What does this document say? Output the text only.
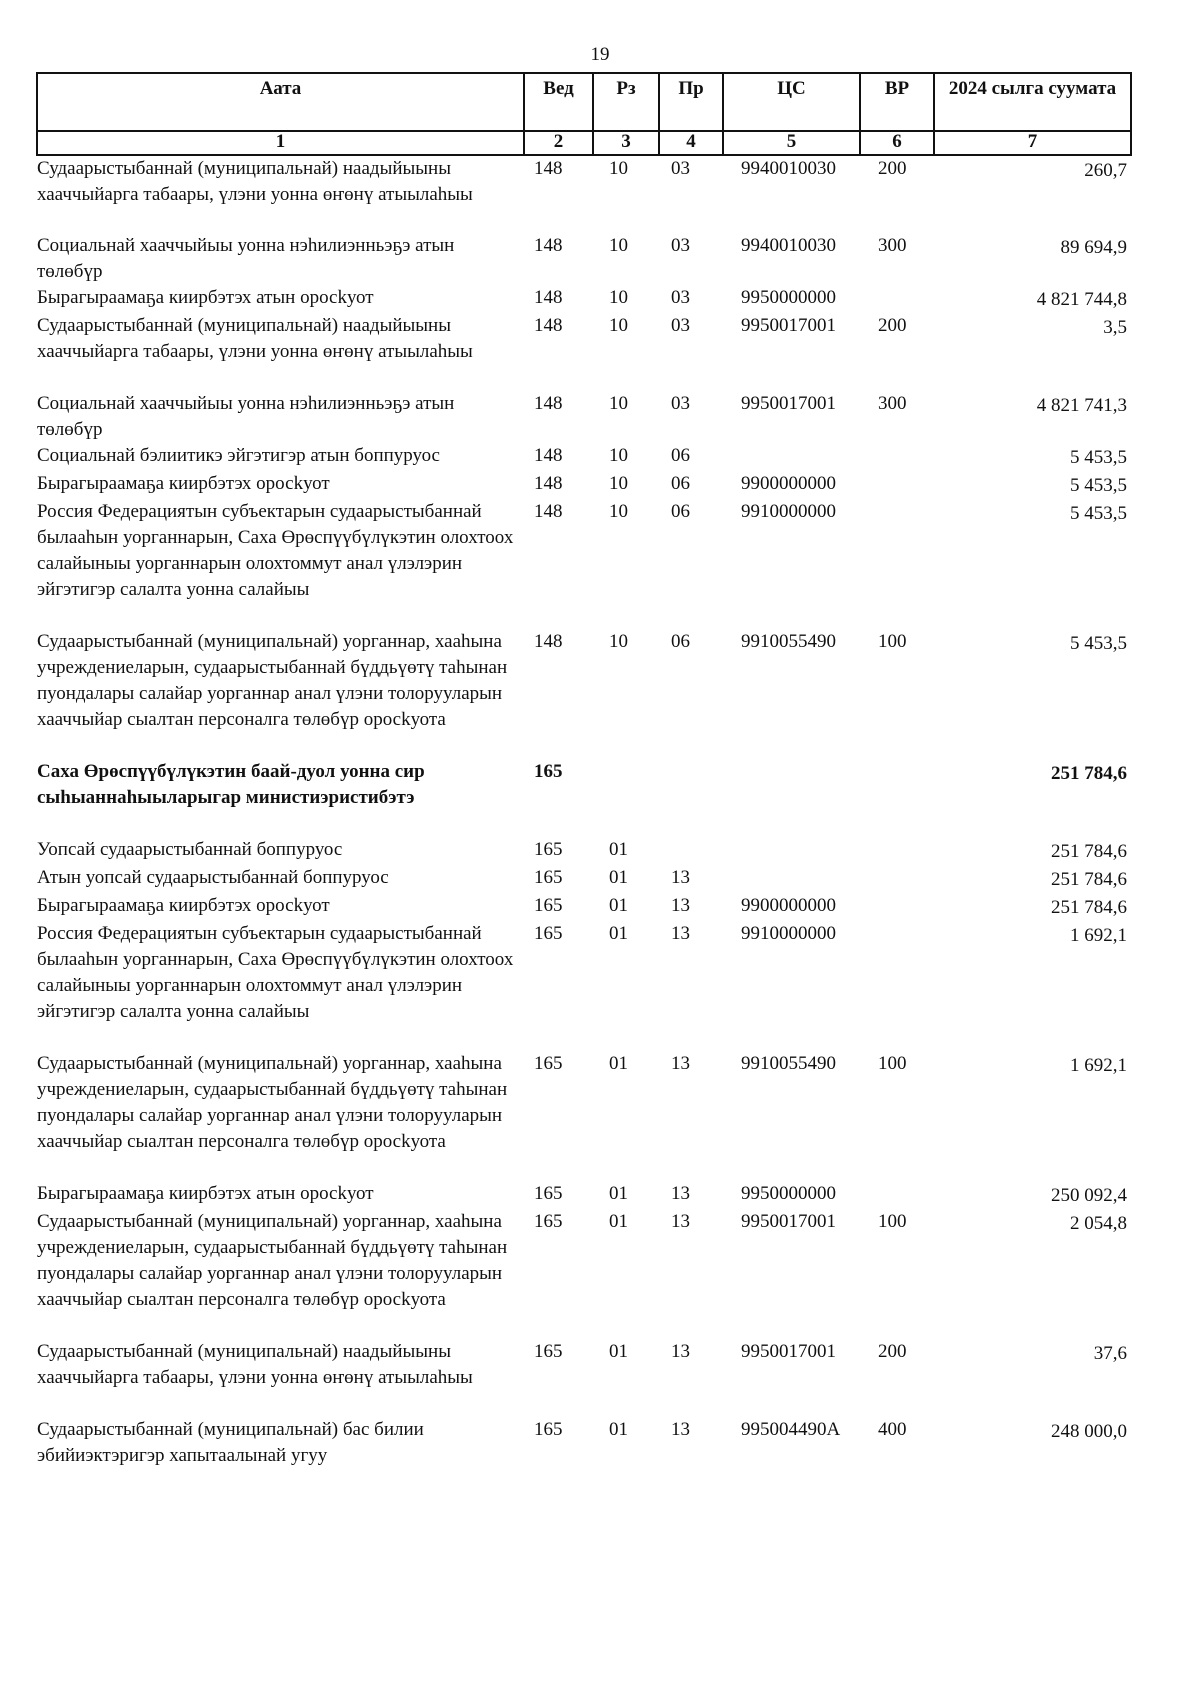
19
Аата	Вед	Рз	Пр	ЦС	ВР	2024 сылга суумата
1	2	3	4	5	6	7
Судаарыстыбаннай (муниципальнай) наадыйыыны хааччыйарга табаары, үлэни уонна өҥөнү атыылаһыы	148	10	03	9940010030	200	260,7
Социальнай хааччыйыы уонна нэһилиэнньэҕэ атын төлөбүр	148	10	03	9940010030	300	89 694,9
Бырагыраамаҕа киирбэтэх атын оросkуот	148	10	03	9950000000		4 821 744,8
Судаарыстыбаннай (муниципальнай) наадыйыыны хааччыйарга табаары, үлэни уонна өҥөнү атыылаһыы	148	10	03	9950017001	200	3,5
Социальнай хааччыйыы уонна нэһилиэнньэҕэ атын төлөбүр	148	10	03	9950017001	300	4 821 741,3
Социальнай бэлиитикэ эйгэтигэр атын боппуруос	148	10	06			5 453,5
Бырагыраамаҕа киирбэтэх оросkуот	148	10	06	9900000000		5 453,5
Россия Федерациятын субъектарын судаарыстыбаннай былааһын уорганнарын, Саха Өрөспүүбүлүкэтин олохтоох салайыныы уорганнарын олохтоммут анал үлэлэрин эйгэтигэр салалта уонна салайыы	148	10	06	9910000000		5 453,5
Судаарыстыбаннай (муниципальнай) уорганнар, хааһына учреждениеларын, судаарыстыбаннай бүддьүөтү таһынан пуондалары салайар уорганнар анал үлэни толорууларын хааччыйар сыалтан персоналга төлөбүр оросkуота	148	10	06	9910055490	100	5 453,5
Саха Өрөспүүбүлүкэтин баай-дуол уонна сир сыһыаннаһыыларыгар министиэристибэтэ	165					251 784,6
Уопсай судаарыстыбаннай боппуруос	165	01				251 784,6
Атын уопсай судаарыстыбаннай боппуруос	165	01	13			251 784,6
Бырагыраамаҕа киирбэтэх оросkуот	165	01	13	9900000000		251 784,6
Россия Федерациятын субъектарын судаарыстыбаннай былааһын уорганнарын, Саха Өрөспүүбүлүкэтин олохтоох салайыныы уорганнарын олохтоммут анал үлэлэрин эйгэтигэр салалта уонна салайыы	165	01	13	9910000000		1 692,1
Судаарыстыбаннай (муниципальнай) уорганнар, хааһына учреждениеларын, судаарыстыбаннай бүддьүөтү таһынан пуондалары салайар уорганнар анал үлэни толорууларын хааччыйар сыалтан персоналга төлөбүр оросkуота	165	01	13	9910055490	100	1 692,1
Бырагыраамаҕа киирбэтэх атын оросkуот	165	01	13	9950000000		250 092,4
Судаарыстыбаннай (муниципальнай) уорганнар, хааһына учреждениеларын, судаарыстыбаннай бүддьүөтү таһынан пуондалары салайар уорганнар анал үлэни толорууларын хааччыйар сыалтан персоналга төлөбүр оросkуота	165	01	13	9950017001	100	2 054,8
Судаарыстыбаннай (муниципальнай) наадыйыыны хааччыйарга табаары, үлэни уонна өҥөнү атыылаһыы	165	01	13	9950017001	200	37,6
Судаарыстыбаннай (муниципальнай) бас билии эбийиэктэригэр хапытаалынай угуу	165	01	13	995004490A	400	248 000,0
